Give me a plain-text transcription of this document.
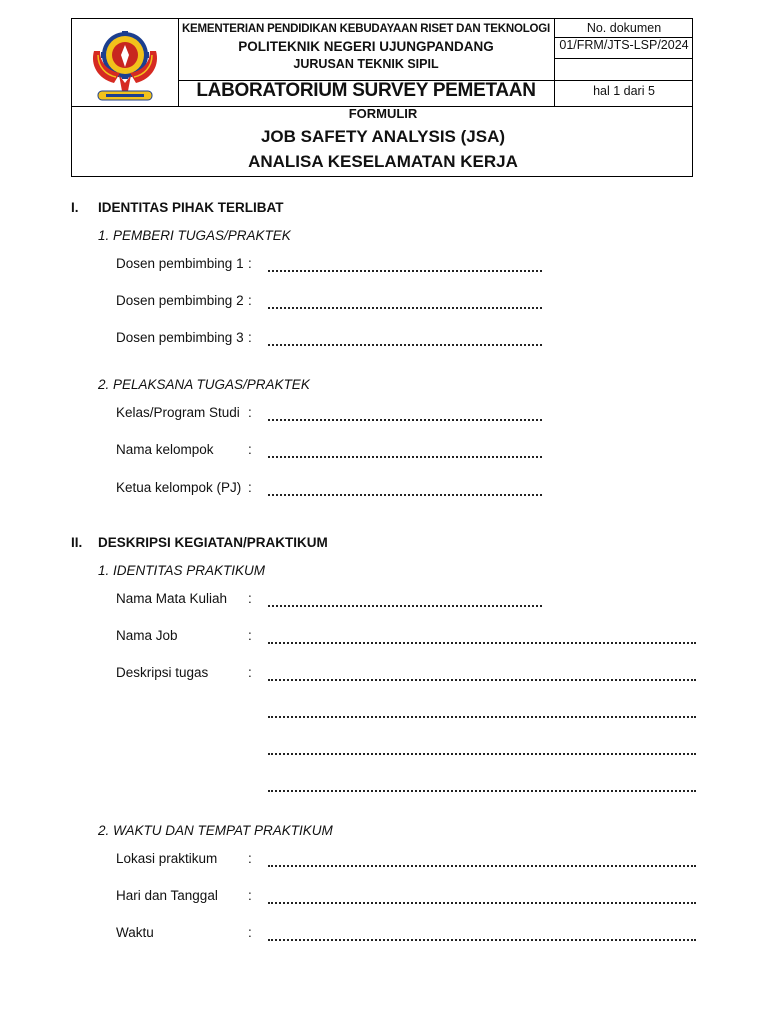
KEMENTERIAN PENDIDIKAN KEBUDAYAAN RISET DAN TEKNOLOGI
POLITEKNIK NEGERI UJUNGPANDANG
JURUSAN TEKNIK SIPIL
LABORATORIUM SURVEY PEMETAAN
No. dokumen
01/FRM/JTS-LSP/2024
hal 1 dari 5
FORMULIR
JOB SAFETY ANALYSIS (JSA)
ANALISA KESELAMATAN KERJA
I. IDENTITAS PIHAK TERLIBAT
1. PEMBERI TUGAS/PRAKTEK
Dosen pembimbing 1 :
Dosen pembimbing 2 :
Dosen pembimbing 3 :
2. PELAKSANA TUGAS/PRAKTEK
Kelas/Program Studi :
Nama kelompok	:
Ketua kelompok (PJ) :
II. DESKRIPSI KEGIATAN/PRAKTIKUM
1. IDENTITAS PRAKTIKUM
Nama Mata Kuliah :
Nama Job	:
Deskripsi tugas	:
2. WAKTU DAN TEMPAT PRAKTIKUM
Lokasi praktikum :
Hari dan Tanggal :
Waktu	:
